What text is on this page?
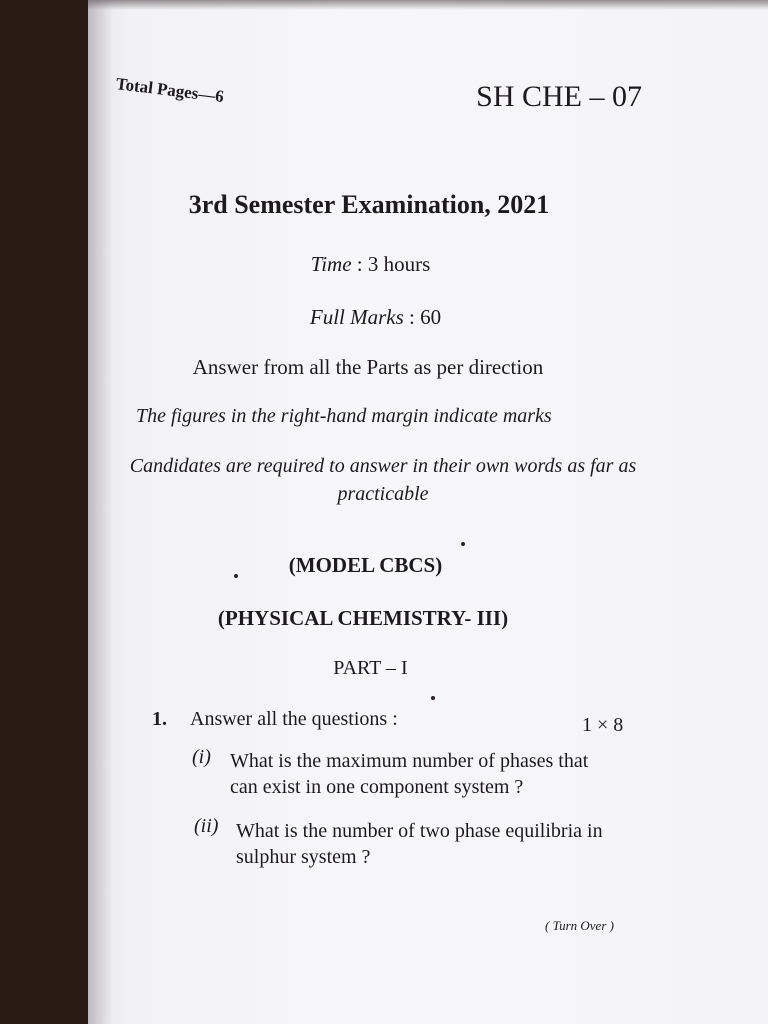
Total Pages—6	SH CHE – 07
3rd Semester Examination, 2021
Time : 3 hours
Full Marks : 60
Answer from all the Parts as per direction
The figures in the right-hand margin indicate marks
Candidates are required to answer in their own words as far as practicable
(MODEL CBCS)
(PHYSICAL CHEMISTRY- III)
PART – I
1. Answer all the questions :	1 × 8
(i) What is the maximum number of phases that can exist in one component system ?
(ii) What is the number of two phase equilibria in sulphur system ?
( Turn Over )
